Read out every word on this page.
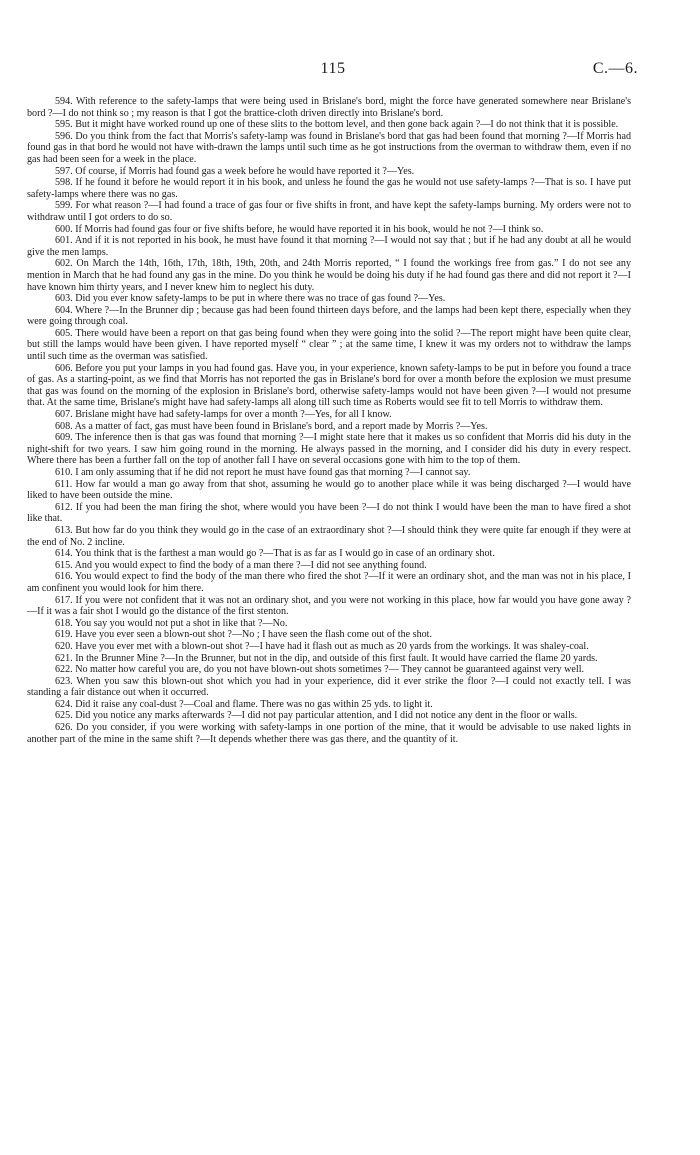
115	C.—6.

594. With reference to the safety-lamps that were being used in Brislane's bord, might the force have generated somewhere near Brislane's bord ?—I do not think so ; my reason is that I got the brattice-cloth driven directly into Brislane's bord.

595. But it might have worked round up one of these slits to the bottom level, and then gone back again ?—I do not think that it is possible.

596. Do you think from the fact that Morris's safety-lamp was found in Brislane's bord that gas had been found that morning ?—If Morris had found gas in that bord he would not have with-drawn the lamps until such time as he got instructions from the overman to withdraw them, even if no gas had been seen for a week in the place.

597. Of course, if Morris had found gas a week before he would have reported it ?—Yes.

598. If he found it before he would report it in his book, and unless he found the gas he would not use safety-lamps ?—That is so. I have put safety-lamps where there was no gas.

599. For what reason ?—I had found a trace of gas four or five shifts in front, and have kept the safety-lamps burning. My orders were not to withdraw until I got orders to do so.

600. If Morris had found gas four or five shifts before, he would have reported it in his book, would he not ?—I think so.

601. And if it is not reported in his book, he must have found it that morning ?—I would not say that ; but if he had any doubt at all he would give the men lamps.

602. On March the 14th, 16th, 17th, 18th, 19th, 20th, and 24th Morris reported, “ I found the workings free from gas.” I do not see any mention in March that he had found any gas in the mine. Do you think he would be doing his duty if he had found gas there and did not report it ?—I have known him thirty years, and I never knew him to neglect his duty.

603. Did you ever know safety-lamps to be put in where there was no trace of gas found ?—Yes.

604. Where ?—In the Brunner dip ; because gas had been found thirteen days before, and the lamps had been kept there, especially when they were going through coal.

605. There would have been a report on that gas being found when they were going into the solid ?—The report might have been quite clear, but still the lamps would have been given. I have reported myself “ clear ” ; at the same time, I knew it was my orders not to withdraw the lamps until such time as the overman was satisfied.

606. Before you put your lamps in you had found gas. Have you, in your experience, known safety-lamps to be put in before you found a trace of gas. As a starting-point, as we find that Morris has not reported the gas in Brislane's bord for over a month before the explosion we must presume that gas was found on the morning of the explosion in Brislane's bord, otherwise safety-lamps would not have been given ?—I would not presume that. At the same time, Brislane's might have had safety-lamps all along till such time as Roberts would see fit to tell Morris to withdraw them.

607. Brislane might have had safety-lamps for over a month ?—Yes, for all I know.

608. As a matter of fact, gas must have been found in Brislane's bord, and a report made by Morris ?—Yes.

609. The inference then is that gas was found that morning ?—I might state here that it makes us so confident that Morris did his duty in the night-shift for two years. I saw him going round in the morning. He always passed in the morning, and I consider did his duty in every respect. Where there has been a further fall on the top of another fall I have on several occasions gone with him to the top of them.

610. I am only assuming that if he did not report he must have found gas that morning ?—I cannot say.

611. How far would a man go away from that shot, assuming he would go to another place while it was being discharged ?—I would have liked to have been outside the mine.

612. If you had been the man firing the shot, where would you have been ?—I do not think I would have been the man to have fired a shot like that.

613. But how far do you think they would go in the case of an extraordinary shot ?—I should think they were quite far enough if they were at the end of No. 2 incline.

614. You think that is the farthest a man would go ?—That is as far as I would go in case of an ordinary shot.

615. And you would expect to find the body of a man there ?—I did not see anything found.

616. You would expect to find the body of the man there who fired the shot ?—If it were an ordinary shot, and the man was not in his place, I am confinent you would look for him there.

617. If you were not confident that it was not an ordinary shot, and you were not working in this place, how far would you have gone away ?—If it was a fair shot I would go the distance of the first stenton.

618. You say you would not put a shot in like that ?—No.

619. Have you ever seen a blown-out shot ?—No ; I have seen the flash come out of the shot.

620. Have you ever met with a blown-out shot ?—I have had it flash out as much as 20 yards from the workings. It was shaley-coal.

621. In the Brunner Mine ?—In the Brunner, but not in the dip, and outside of this first fault. It would have carried the flame 20 yards.

622. No matter how careful you are, do you not have blown-out shots sometimes ?— They cannot be guaranteed against very well.

623. When you saw this blown-out shot which you had in your experience, did it ever strike the floor ?—I could not exactly tell. I was standing a fair distance out when it occurred.

624. Did it raise any coal-dust ?—Coal and flame. There was no gas within 25 yds. to light it.

625. Did you notice any marks afterwards ?—I did not pay particular attention, and I did not notice any dent in the floor or walls.

626. Do you consider, if you were working with safety-lamps in one portion of the mine, that it would be advisable to use naked lights in another part of the mine in the same shift ?—It depends whether there was gas there, and the quantity of it.
